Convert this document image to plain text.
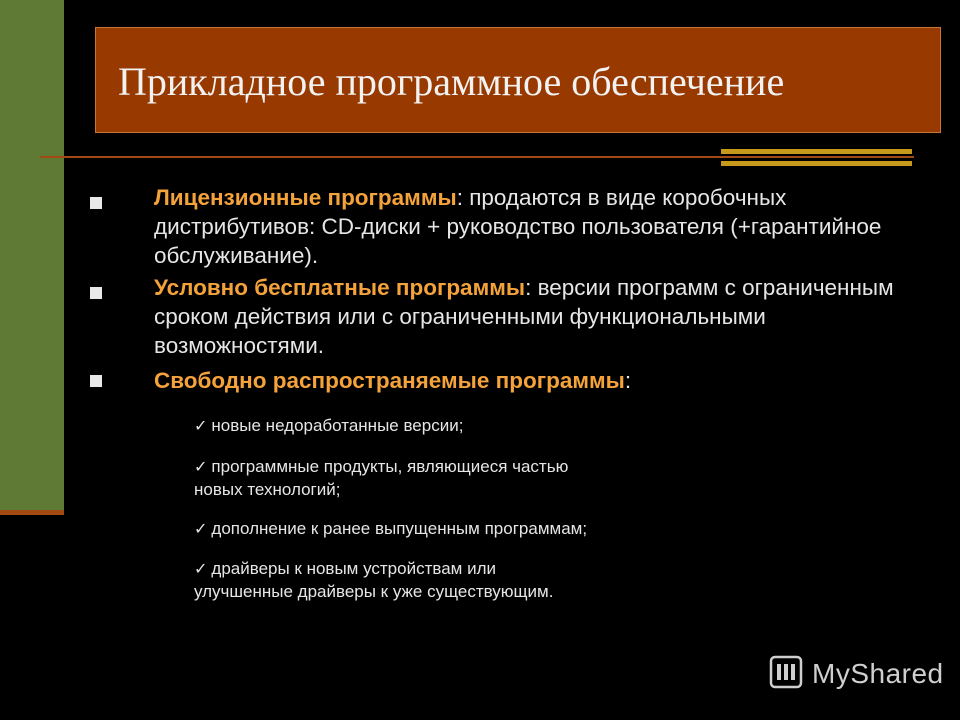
Прикладное программное обеспечение
Лицензионные программы: продаются в виде коробочных дистрибутивов: CD-диски + руководство пользователя (+гарантийное обслуживание).
Условно бесплатные программы: версии программ с ограниченным сроком действия или с ограниченными функциональными возможностями.
Свободно распространяемые программы:
✓ новые недоработанные версии;
✓ программные продукты, являющиеся частью
новых технологий;
✓ дополнение к ранее выпущенным программам;
✓ драйверы к новым устройствам или
улучшенные драйверы к уже существующим.
MyShared
